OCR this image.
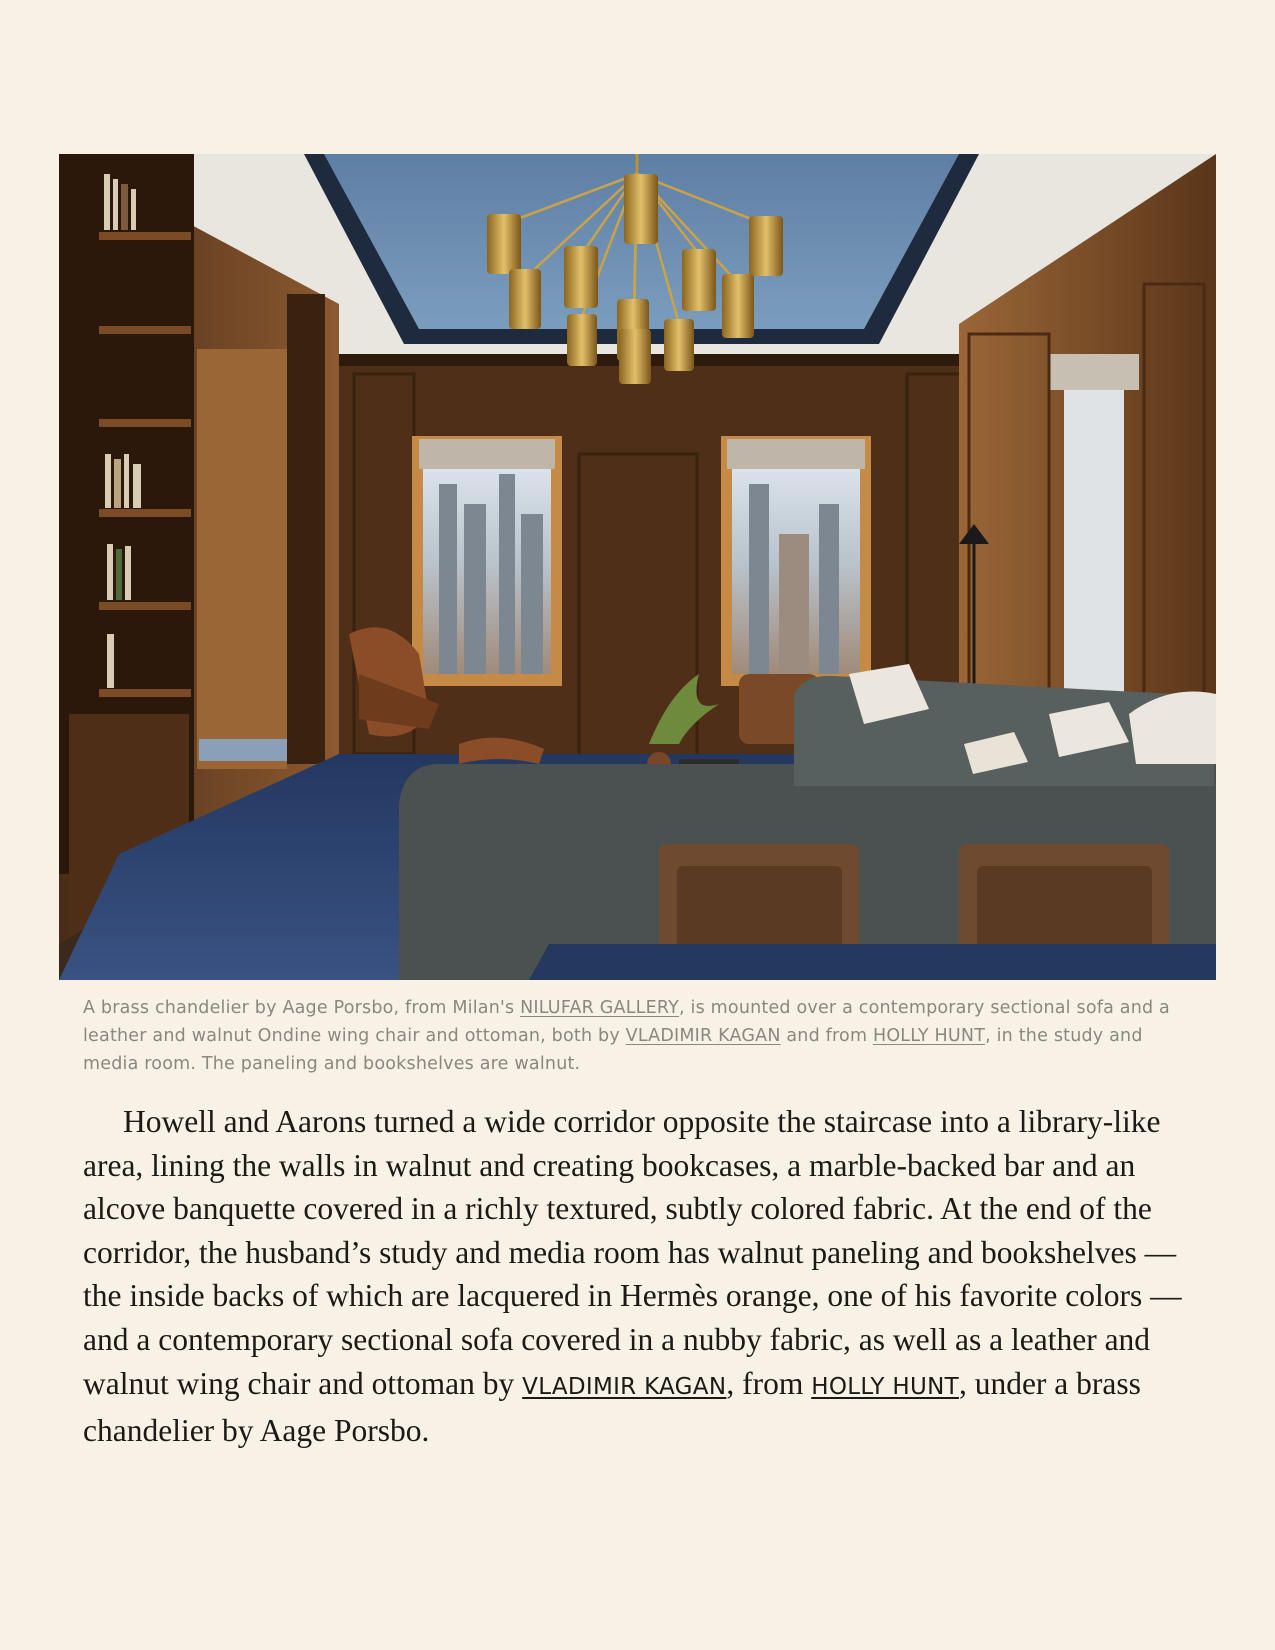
A brass chandelier by Aage Porsbo, from Milan's NILUFAR GALLERY, is mounted over a contemporary sectional sofa and a leather and walnut Ondine wing chair and ottoman, both by VLADIMIR KAGAN and from HOLLY HUNT, in the study and media room. The paneling and bookshelves are walnut.

Howell and Aarons turned a wide corridor opposite the staircase into a library-like area, lining the walls in walnut and creating bookcases, a marble-backed bar and an alcove banquette covered in a richly textured, subtly colored fabric. At the end of the corridor, the husband’s study and media room has walnut paneling and bookshelves — the inside backs of which are lacquered in Hermès orange, one of his favorite colors — and a contemporary sectional sofa covered in a nubby fabric, as well as a leather and walnut wing chair and ottoman by VLADIMIR KAGAN, from HOLLY HUNT, under a brass chandelier by Aage Porsbo.
